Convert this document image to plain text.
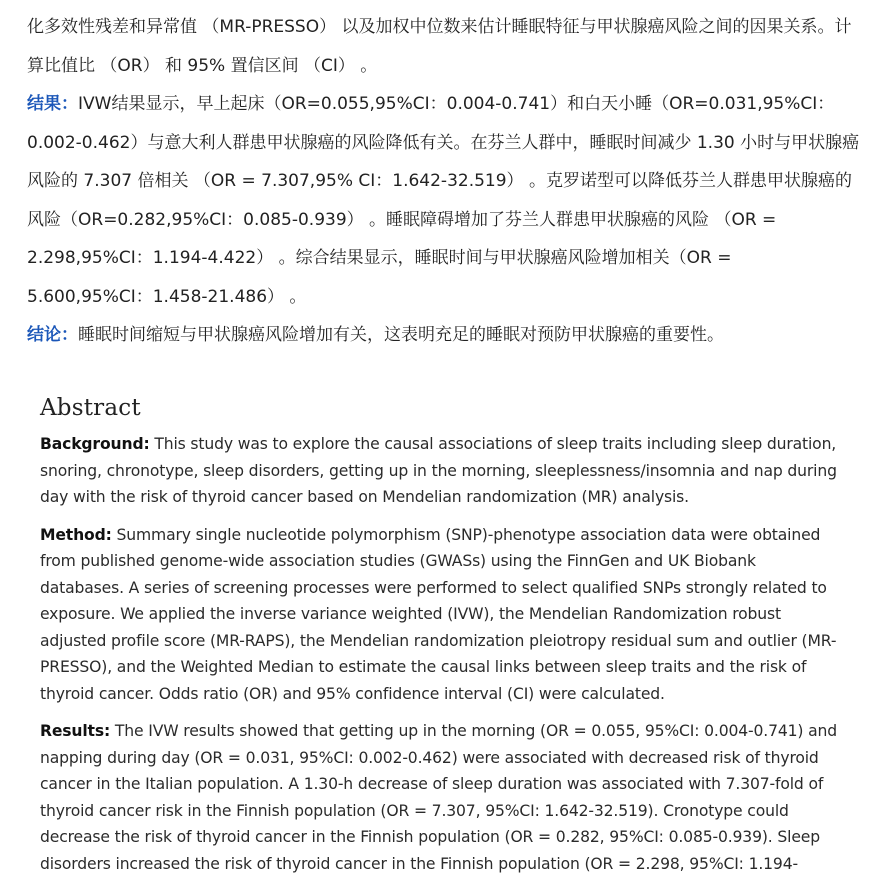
化多效性残差和异常值 （MR-PRESSO） 以及加权中位数来估计睡眠特征与甲状腺癌风险之间的因果关系。计算比值比 （OR） 和 95% 置信区间 （CI） 。

结果：IVW结果显示，早上起床（OR=0.055,95%CI：0.004-0.741）和白天小睡（OR=0.031,95%CI：0.002-0.462）与意大利人群患甲状腺癌的风险降低有关。在芬兰人群中，睡眠时间减少 1.30 小时与甲状腺癌风险的 7.307 倍相关 （OR = 7.307,95% CI：1.642-32.519） 。克罗诺型可以降低芬兰人群患甲状腺癌的风险（OR=0.282,95%CI：0.085-0.939） 。睡眠障碍增加了芬兰人群患甲状腺癌的风险 （OR = 2.298,95%CI：1.194-4.422） 。综合结果显示，睡眠时间与甲状腺癌风险增加相关（OR = 5.600,95%CI：1.458-21.486） 。

结论：睡眠时间缩短与甲状腺癌风险增加有关，这表明充足的睡眠对预防甲状腺癌的重要性。

Abstract

Background: This study was to explore the causal associations of sleep traits including sleep duration, snoring, chronotype, sleep disorders, getting up in the morning, sleeplessness/insomnia and nap during day with the risk of thyroid cancer based on Mendelian randomization (MR) analysis.

Method: Summary single nucleotide polymorphism (SNP)-phenotype association data were obtained from published genome-wide association studies (GWASs) using the FinnGen and UK Biobank databases. A series of screening processes were performed to select qualified SNPs strongly related to exposure. We applied the inverse variance weighted (IVW), the Mendelian Randomization robust adjusted profile score (MR-RAPS), the Mendelian randomization pleiotropy residual sum and outlier (MR-PRESSO), and the Weighted Median to estimate the causal links between sleep traits and the risk of thyroid cancer. Odds ratio (OR) and 95% confidence interval (CI) were calculated.

Results: The IVW results showed that getting up in the morning (OR = 0.055, 95%CI: 0.004-0.741) and napping during day (OR = 0.031, 95%CI: 0.002-0.462) were associated with decreased risk of thyroid cancer in the Italian population. A 1.30-h decrease of sleep duration was associated with 7.307-fold of thyroid cancer risk in the Finnish population (OR = 7.307, 95%CI: 1.642-32.519). Cronotype could decrease the risk of thyroid cancer in the Finnish population (OR = 0.282, 95%CI: 0.085-0.939). Sleep disorders increased the risk of thyroid cancer in the Finnish population (OR = 2.298, 95%CI: 1.194-
